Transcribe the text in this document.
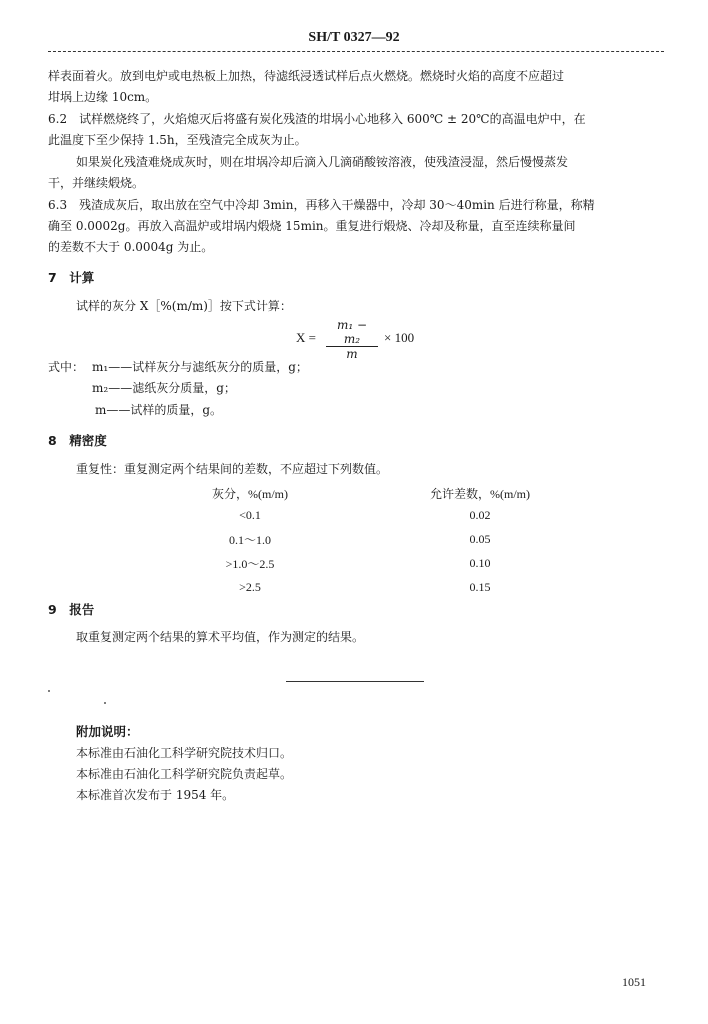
SH/T 0327—92
样表面着火。放到电炉或电热板上加热，待滤纸浸透试样后点火燃烧。燃烧时火焰的高度不应超过
坩埚上边缘 10cm。
6.2　试样燃烧终了，火焰熄灭后将盛有炭化残渣的坩埚小心地移入 600℃ ± 20℃的高温电炉中，在
此温度下至少保持 1.5h，至残渣完全成灰为止。
如果炭化残渣难烧成灰时，则在坩埚冷却后滴入几滴硝酸铵溶液，使残渣浸湿，然后慢慢蒸发
干，并继续煅烧。
6.3　残渣成灰后，取出放在空气中冷却 3min，再移入干燥器中，冷却 30～40min 后进行称量，称精
确至 0.0002g。再放入高温炉或坩埚内煅烧 15min。重复进行煅烧、冷却及称量，直至连续称量间
的差数不大于 0.0004g 为止。
7　计算
试样的灰分 X［%(m/m)］按下式计算：
$X = \frac{\text{m₁ − m₂}}{m} \times 100$
式中： m₁——试样灰分与滤纸灰分的质量，g；
m₂——滤纸灰分质量，g；
m——试样的质量，g。
8　精密度
重复性：重复测定两个结果间的差数，不应超过下列数值。
灰分，%(m/m)		允许差数，%(m/m)
<0.1		0.02
0.1～1.0		0.05
>1.0～2.5		0.10
>2.5		0.15
9　报告
取重复测定两个结果的算术平均值，作为测定的结果。
附加说明：
本标准由石油化工科学研究院技术归口。
本标准由石油化工科学研究院负责起草。
本标准首次发布于 1954 年。
1051
